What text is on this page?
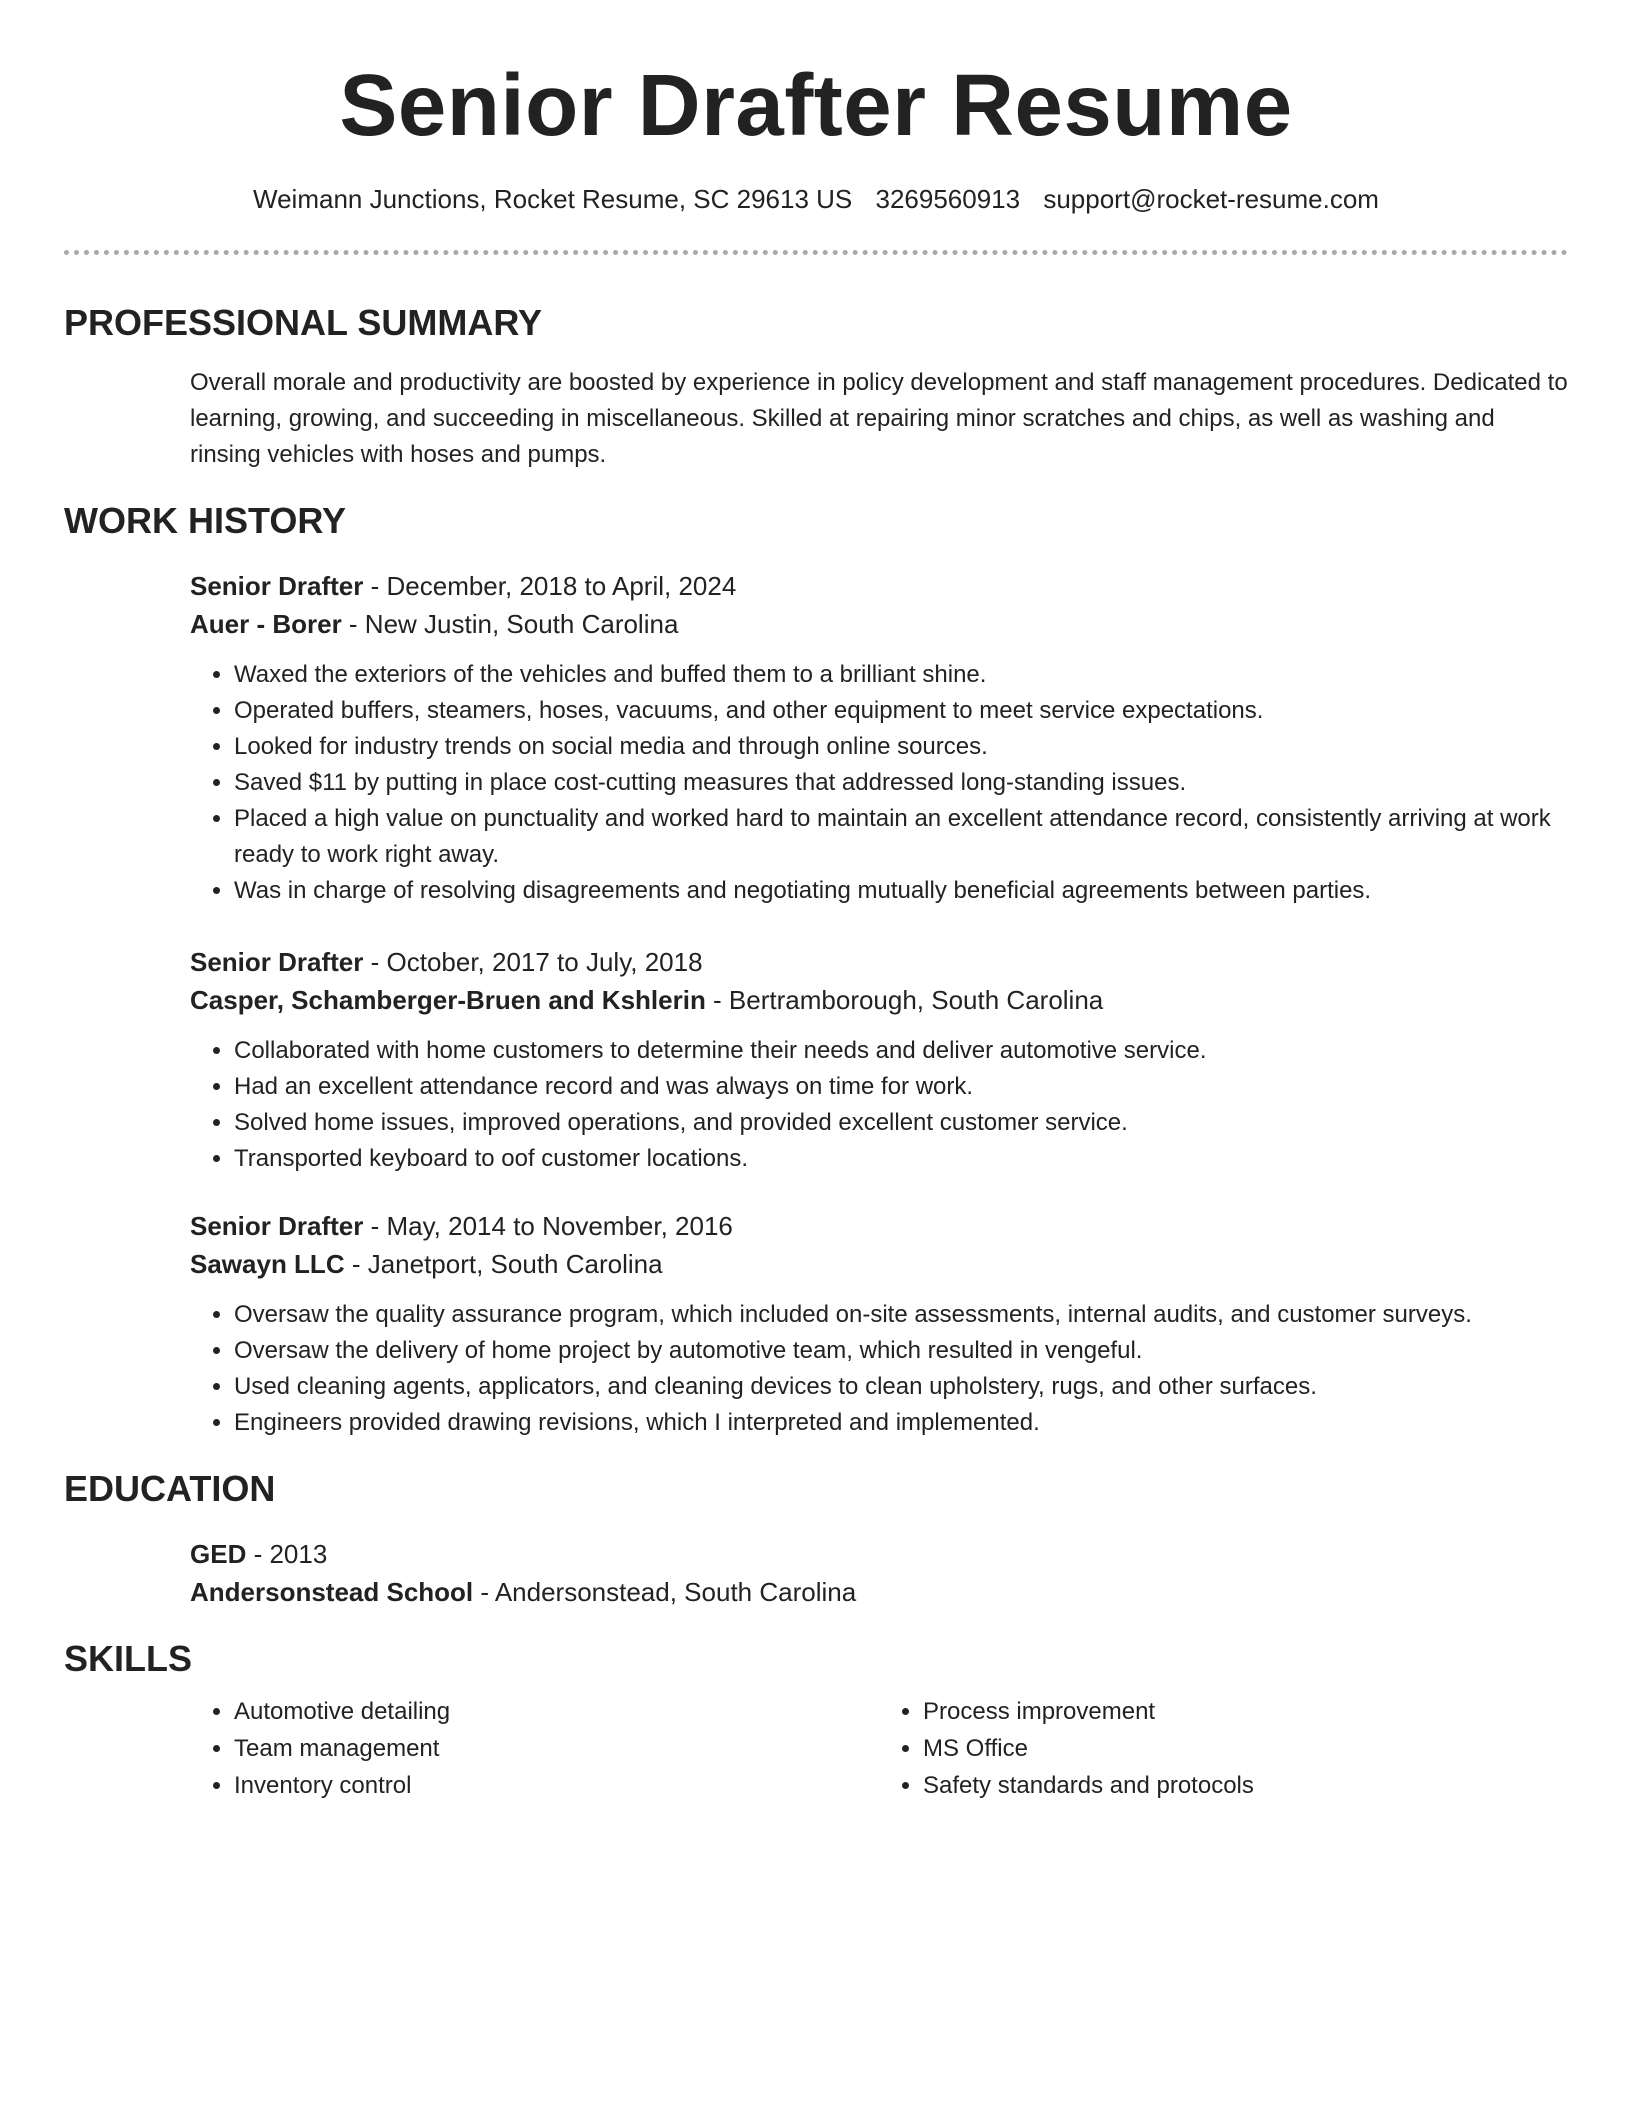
Senior Drafter Resume
Weimann Junctions, Rocket Resume, SC 29613 US 3269560913 support@rocket-resume.com
PROFESSIONAL SUMMARY
Overall morale and productivity are boosted by experience in policy development and staff management procedures. Dedicated to learning, growing, and succeeding in miscellaneous. Skilled at repairing minor scratches and chips, as well as washing and rinsing vehicles with hoses and pumps.
WORK HISTORY
Senior Drafter - December, 2018 to April, 2024
Auer - Borer - New Justin, South Carolina
• Waxed the exteriors of the vehicles and buffed them to a brilliant shine.
• Operated buffers, steamers, hoses, vacuums, and other equipment to meet service expectations.
• Looked for industry trends on social media and through online sources.
• Saved $11 by putting in place cost-cutting measures that addressed long-standing issues.
• Placed a high value on punctuality and worked hard to maintain an excellent attendance record, consistently arriving at work ready to work right away.
• Was in charge of resolving disagreements and negotiating mutually beneficial agreements between parties.
Senior Drafter - October, 2017 to July, 2018
Casper, Schamberger-Bruen and Kshlerin - Bertramborough, South Carolina
• Collaborated with home customers to determine their needs and deliver automotive service.
• Had an excellent attendance record and was always on time for work.
• Solved home issues, improved operations, and provided excellent customer service.
• Transported keyboard to oof customer locations.
Senior Drafter - May, 2014 to November, 2016
Sawayn LLC - Janetport, South Carolina
• Oversaw the quality assurance program, which included on-site assessments, internal audits, and customer surveys.
• Oversaw the delivery of home project by automotive team, which resulted in vengeful.
• Used cleaning agents, applicators, and cleaning devices to clean upholstery, rugs, and other surfaces.
• Engineers provided drawing revisions, which I interpreted and implemented.
EDUCATION
GED - 2013
Andersonstead School - Andersonstead, South Carolina
SKILLS
• Automotive detailing
• Team management
• Inventory control
• Process improvement
• MS Office
• Safety standards and protocols
